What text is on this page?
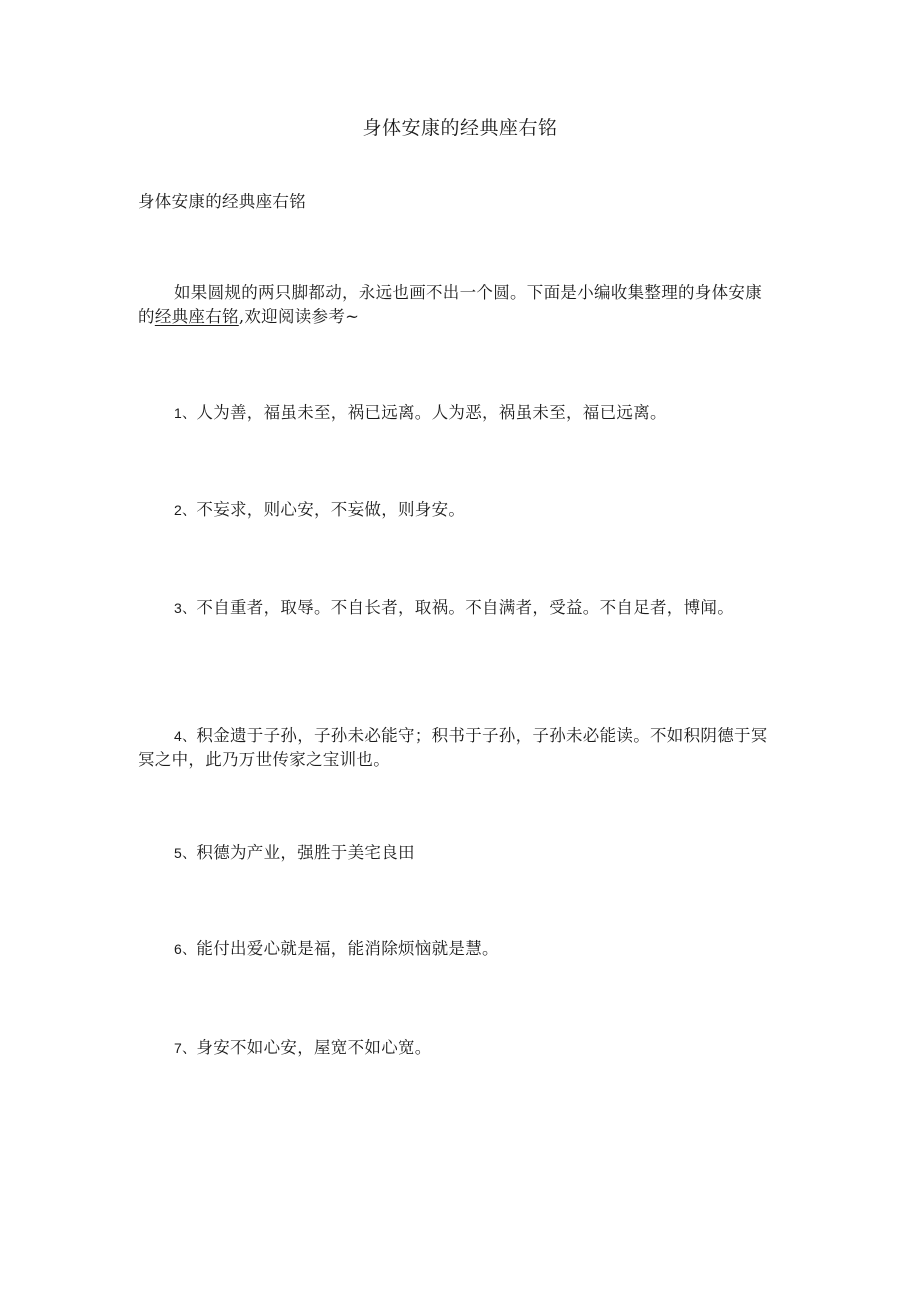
身体安康的经典座右铭
身体安康的经典座右铭
如果圆规的两只脚都动，永远也画不出一个圆。下面是小编收集整理的身体安康的经典座右铭,欢迎阅读参考~
1、人为善，福虽未至，祸已远离。人为恶，祸虽未至，福已远离。
2、不妄求，则心安，不妄做，则身安。
3、不自重者，取辱。不自长者，取祸。不自满者，受益。不自足者，博闻。
4、积金遗于子孙，子孙未必能守；积书于子孙，子孙未必能读。不如积阴德于冥冥之中，此乃万世传家之宝训也。
5、积德为产业，强胜于美宅良田
6、能付出爱心就是福，能消除烦恼就是慧。
7、身安不如心安，屋宽不如心宽。
